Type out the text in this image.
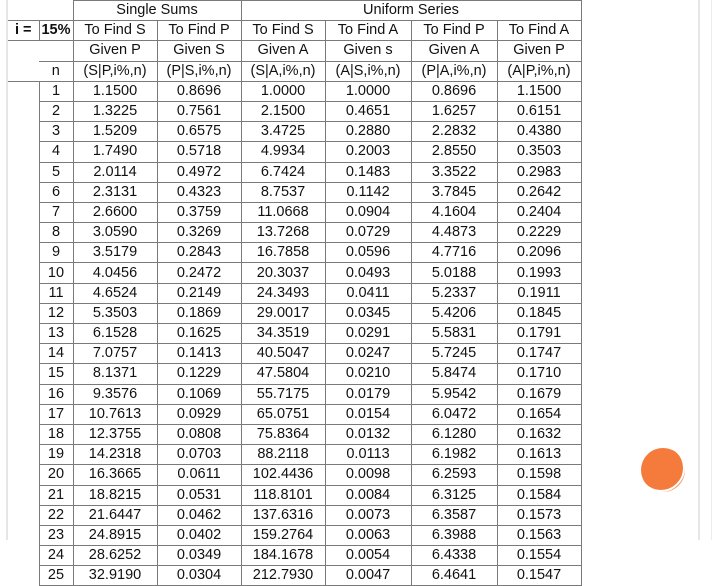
		Single Sums		Uniform Series			
i =	15%	To Find S	To Find P	To Find S	To Find A	To Find P	To Find A
		Given P	Given S	Given A	Given s	Given A	Given P
	n	(S|P,i%,n)	(P|S,i%,n)	(S|A,i%,n)	(A|S,i%,n)	(P|A,i%,n)	(A|P,i%,n)
	1	1.1500	0.8696	1.0000	1.0000	0.8696	1.1500
	2	1.3225	0.7561	2.1500	0.4651	1.6257	0.6151
	3	1.5209	0.6575	3.4725	0.2880	2.2832	0.4380
	4	1.7490	0.5718	4.9934	0.2003	2.8550	0.3503
	5	2.0114	0.4972	6.7424	0.1483	3.3522	0.2983
	6	2.3131	0.4323	8.7537	0.1142	3.7845	0.2642
	7	2.6600	0.3759	11.0668	0.0904	4.1604	0.2404
	8	3.0590	0.3269	13.7268	0.0729	4.4873	0.2229
	9	3.5179	0.2843	16.7858	0.0596	4.7716	0.2096
	10	4.0456	0.2472	20.3037	0.0493	5.0188	0.1993
	11	4.6524	0.2149	24.3493	0.0411	5.2337	0.1911
	12	5.3503	0.1869	29.0017	0.0345	5.4206	0.1845
	13	6.1528	0.1625	34.3519	0.0291	5.5831	0.1791
	14	7.0757	0.1413	40.5047	0.0247	5.7245	0.1747
	15	8.1371	0.1229	47.5804	0.0210	5.8474	0.1710
	16	9.3576	0.1069	55.7175	0.0179	5.9542	0.1679
	17	10.7613	0.0929	65.0751	0.0154	6.0472	0.1654
	18	12.3755	0.0808	75.8364	0.0132	6.1280	0.1632
	19	14.2318	0.0703	88.2118	0.0113	6.1982	0.1613
	20	16.3665	0.0611	102.4436	0.0098	6.2593	0.1598
	21	18.8215	0.0531	118.8101	0.0084	6.3125	0.1584
	22	21.6447	0.0462	137.6316	0.0073	6.3587	0.1573
	23	24.8915	0.0402	159.2764	0.0063	6.3988	0.1563
	24	28.6252	0.0349	184.1678	0.0054	6.4338	0.1554
	25	32.9190	0.0304	212.7930	0.0047	6.4641	0.1547
